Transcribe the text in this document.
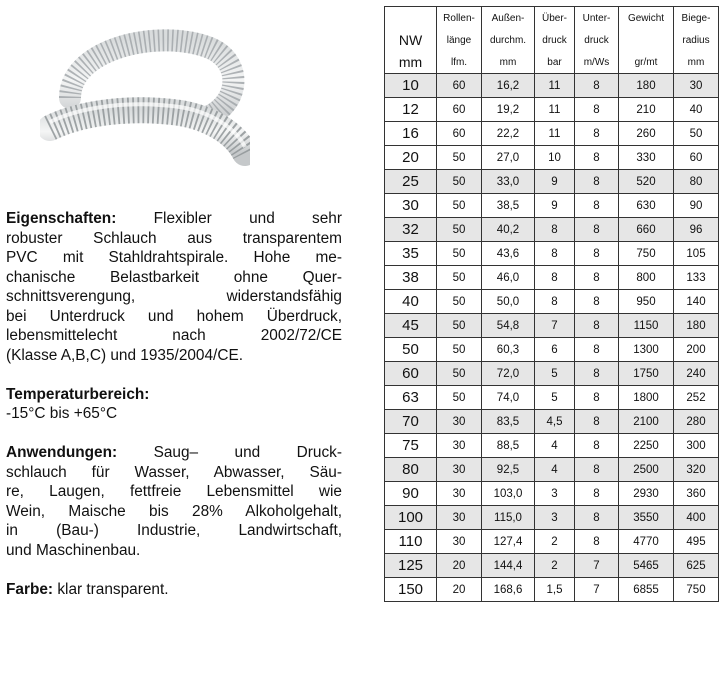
Eigenschaften: Flexibler und sehr
robuster Schlauch aus transparentem
PVC mit Stahldrahtspirale. Hohe me-
chanische Belastbarkeit ohne Quer-
schnittsverengung, widerstandsfähig
bei Unterdruck und hohem Überdruck,
lebensmittelecht nach 2002/72/CE
(Klasse A,B,C) und 1935/2004/CE.

Temperaturbereich:
-15°C bis +65°C

Anwendungen: Saug– und Druck-
schlauch für Wasser, Abwasser, Säu-
re, Laugen, fettfreie Lebensmittel wie
Wein, Maische bis 28% Alkoholgehalt,
in (Bau-) Industrie, Landwirtschaft,
und Maschinenbau.

Farbe: klar transparent.

	Rollen-	Außen-	Über-	Unter-	Gewicht	Biege-
NW	länge	durchm.	druck	druck		radius
mm	lfm.	mm	bar	m/Ws	gr/mt	mm
10	60	16,2	11	8	180	30
12	60	19,2	11	8	210	40
16	60	22,2	11	8	260	50
20	50	27,0	10	8	330	60
25	50	33,0	9	8	520	80
30	50	38,5	9	8	630	90
32	50	40,2	8	8	660	96
35	50	43,6	8	8	750	105
38	50	46,0	8	8	800	133
40	50	50,0	8	8	950	140
45	50	54,8	7	8	1150	180
50	50	60,3	6	8	1300	200
60	50	72,0	5	8	1750	240
63	50	74,0	5	8	1800	252
70	30	83,5	4,5	8	2100	280
75	30	88,5	4	8	2250	300
80	30	92,5	4	8	2500	320
90	30	103,0	3	8	2930	360
100	30	115,0	3	8	3550	400
110	30	127,4	2	8	4770	495
125	20	144,4	2	7	5465	625
150	20	168,6	1,5	7	6855	750
